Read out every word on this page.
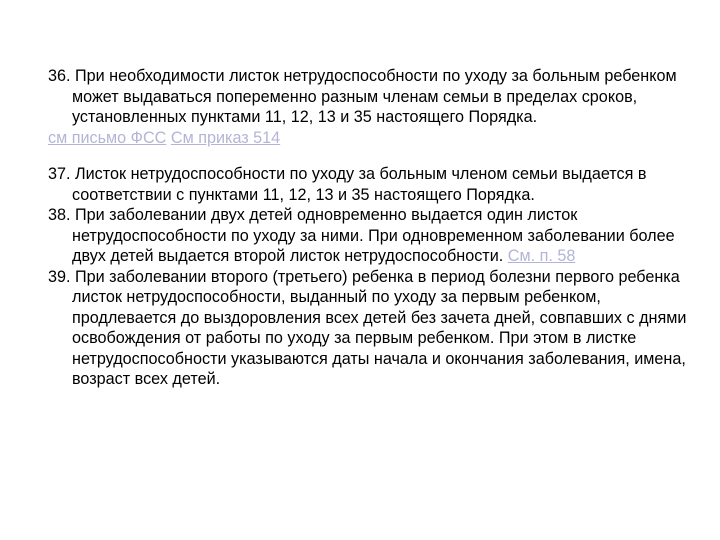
36. При необходимости листок нетрудоспособности по уходу за больным ребенком может выдаваться попеременно разным членам семьи в пределах сроков, установленных пунктами 11, 12, 13 и 35 настоящего Порядка.

см письмо ФСС См приказ 514

37. Листок нетрудоспособности по уходу за больным членом семьи выдается в соответствии с пунктами 11, 12, 13 и 35 настоящего Порядка.

38. При заболевании двух детей одновременно выдается один листок нетрудоспособности по уходу за ними. При одновременном заболевании более двух детей выдается второй листок нетрудоспособности. См. п. 58

39. При заболевании второго (третьего) ребенка в период болезни первого ребенка листок нетрудоспособности, выданный по уходу за первым ребенком, продлевается до выздоровления всех детей без зачета дней, совпавших с днями освобождения от работы по уходу за первым ребенком. При этом в листке нетрудоспособности указываются даты начала и окончания заболевания, имена, возраст всех детей.
